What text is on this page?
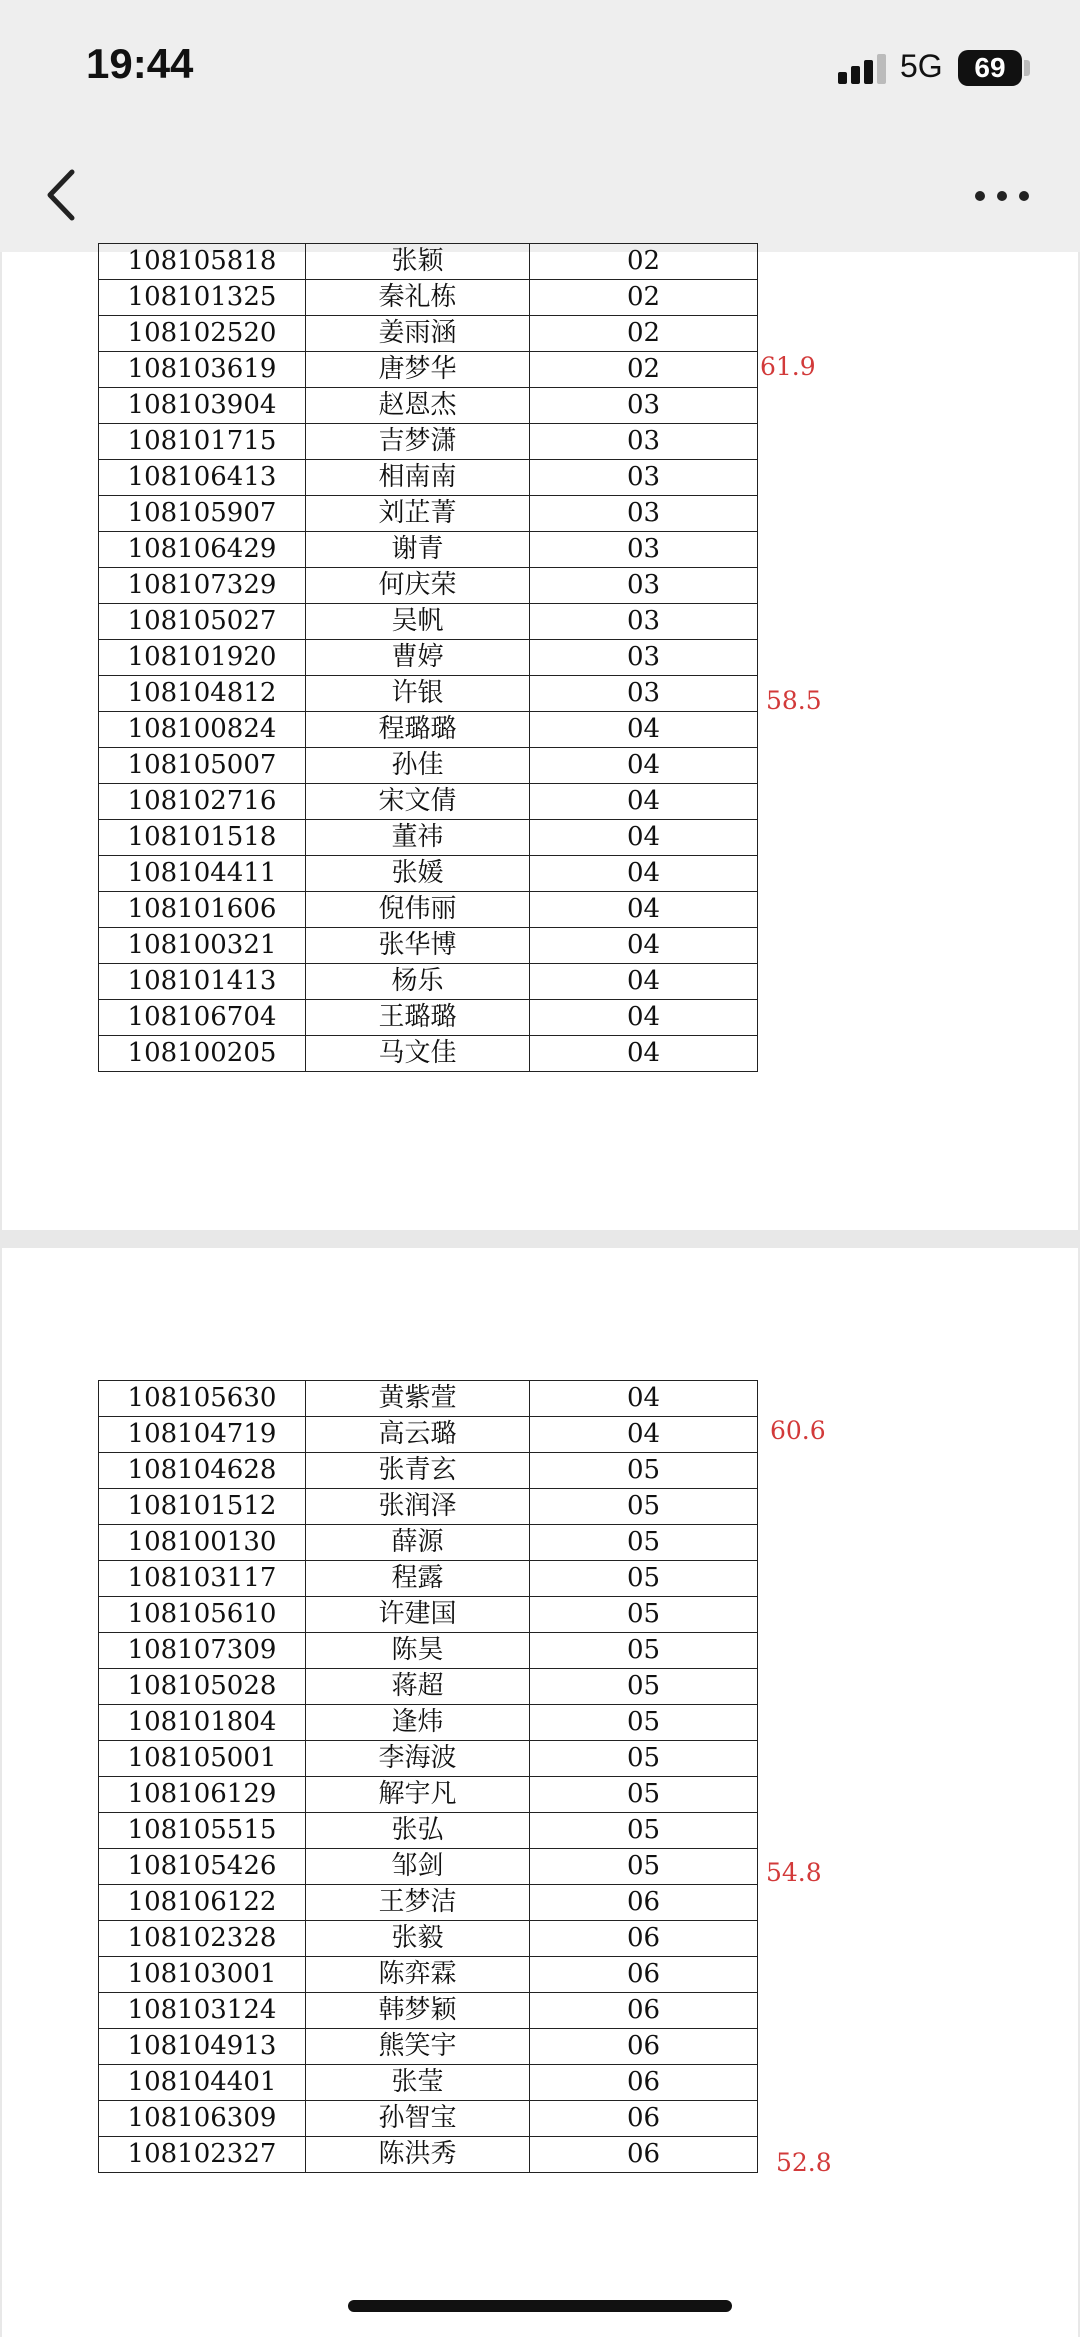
19:44	5G	69
108105818	张颖	02
108101325	秦礼栋	02
108102520	姜雨涵	02
108103619	唐梦华	02
108103904	赵恩杰	03
108101715	吉梦潇	03
108106413	相南南	03
108105907	刘芷菁	03
108106429	谢青	03
108107329	何庆荣	03
108105027	吴帆	03
108101920	曹婷	03
108104812	许银	03
108100824	程璐璐	04
108105007	孙佳	04
108102716	宋文倩	04
108101518	董祎	04
108104411	张媛	04
108101606	倪伟丽	04
108100321	张华博	04
108101413	杨乐	04
108106704	王璐璐	04
108100205	马文佳	04
61.9
58.5
108105630	黄紫萱	04
108104719	高云璐	04
108104628	张青玄	05
108101512	张润泽	05
108100130	薛源	05
108103117	程露	05
108105610	许建国	05
108107309	陈昊	05
108105028	蒋超	05
108101804	逢炜	05
108105001	李海波	05
108106129	解宇凡	05
108105515	张弘	05
108105426	邹剑	05
108106122	王梦洁	06
108102328	张毅	06
108103001	陈弈霖	06
108103124	韩梦颖	06
108104913	熊笑宇	06
108104401	张莹	06
108106309	孙智宝	06
108102327	陈洪秀	06
60.6
54.8
52.8
